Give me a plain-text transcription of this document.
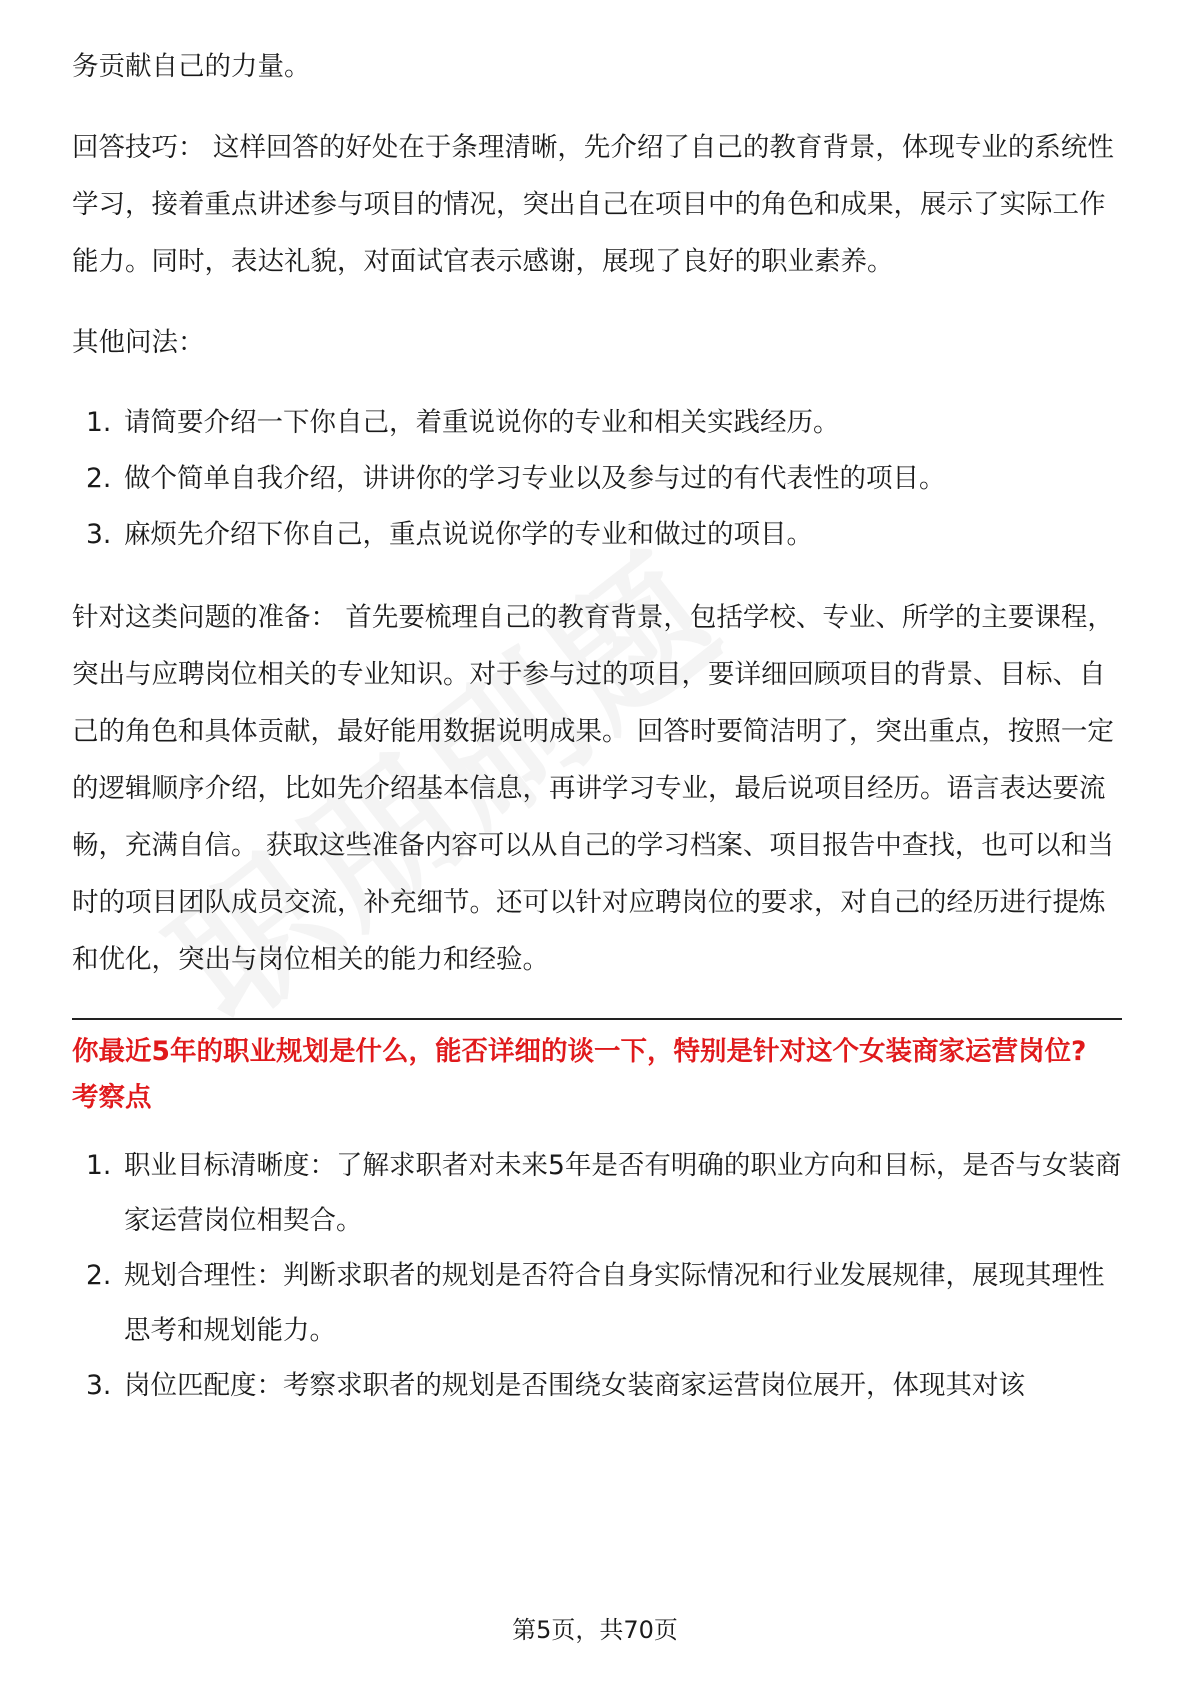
务贡献自己的力量。

回答技巧： 这样回答的好处在于条理清晰，先介绍了自己的教育背景，体现专业的系统性学习，接着重点讲述参与项目的情况，突出自己在项目中的角色和成果，展示了实际工作能力。同时，表达礼貌，对面试官表示感谢，展现了良好的职业素养。

其他问法：

1. 请简要介绍一下你自己，着重说说你的专业和相关实践经历。
2. 做个简单自我介绍，讲讲你的学习专业以及参与过的有代表性的项目。
3. 麻烦先介绍下你自己，重点说说你学的专业和做过的项目。

针对这类问题的准备： 首先要梳理自己的教育背景，包括学校、专业、所学的主要课程，突出与应聘岗位相关的专业知识。对于参与过的项目，要详细回顾项目的背景、目标、自己的角色和具体贡献，最好能用数据说明成果。 回答时要简洁明了，突出重点，按照一定的逻辑顺序介绍，比如先介绍基本信息，再讲学习专业，最后说项目经历。语言表达要流畅，充满自信。 获取这些准备内容可以从自己的学习档案、项目报告中查找，也可以和当时的项目团队成员交流，补充细节。还可以针对应聘岗位的要求，对自己的经历进行提炼和优化，突出与岗位相关的能力和经验。

你最近5年的职业规划是什么，能否详细的谈一下，特别是针对这个女装商家运营岗位?

考察点

1. 职业目标清晰度：了解求职者对未来5年是否有明确的职业方向和目标，是否与女装商家运营岗位相契合。
2. 规划合理性：判断求职者的规划是否符合自身实际情况和行业发展规律，展现其理性思考和规划能力。
3. 岗位匹配度：考察求职者的规划是否围绕女装商家运营岗位展开，体现其对该
第5页，共70页
